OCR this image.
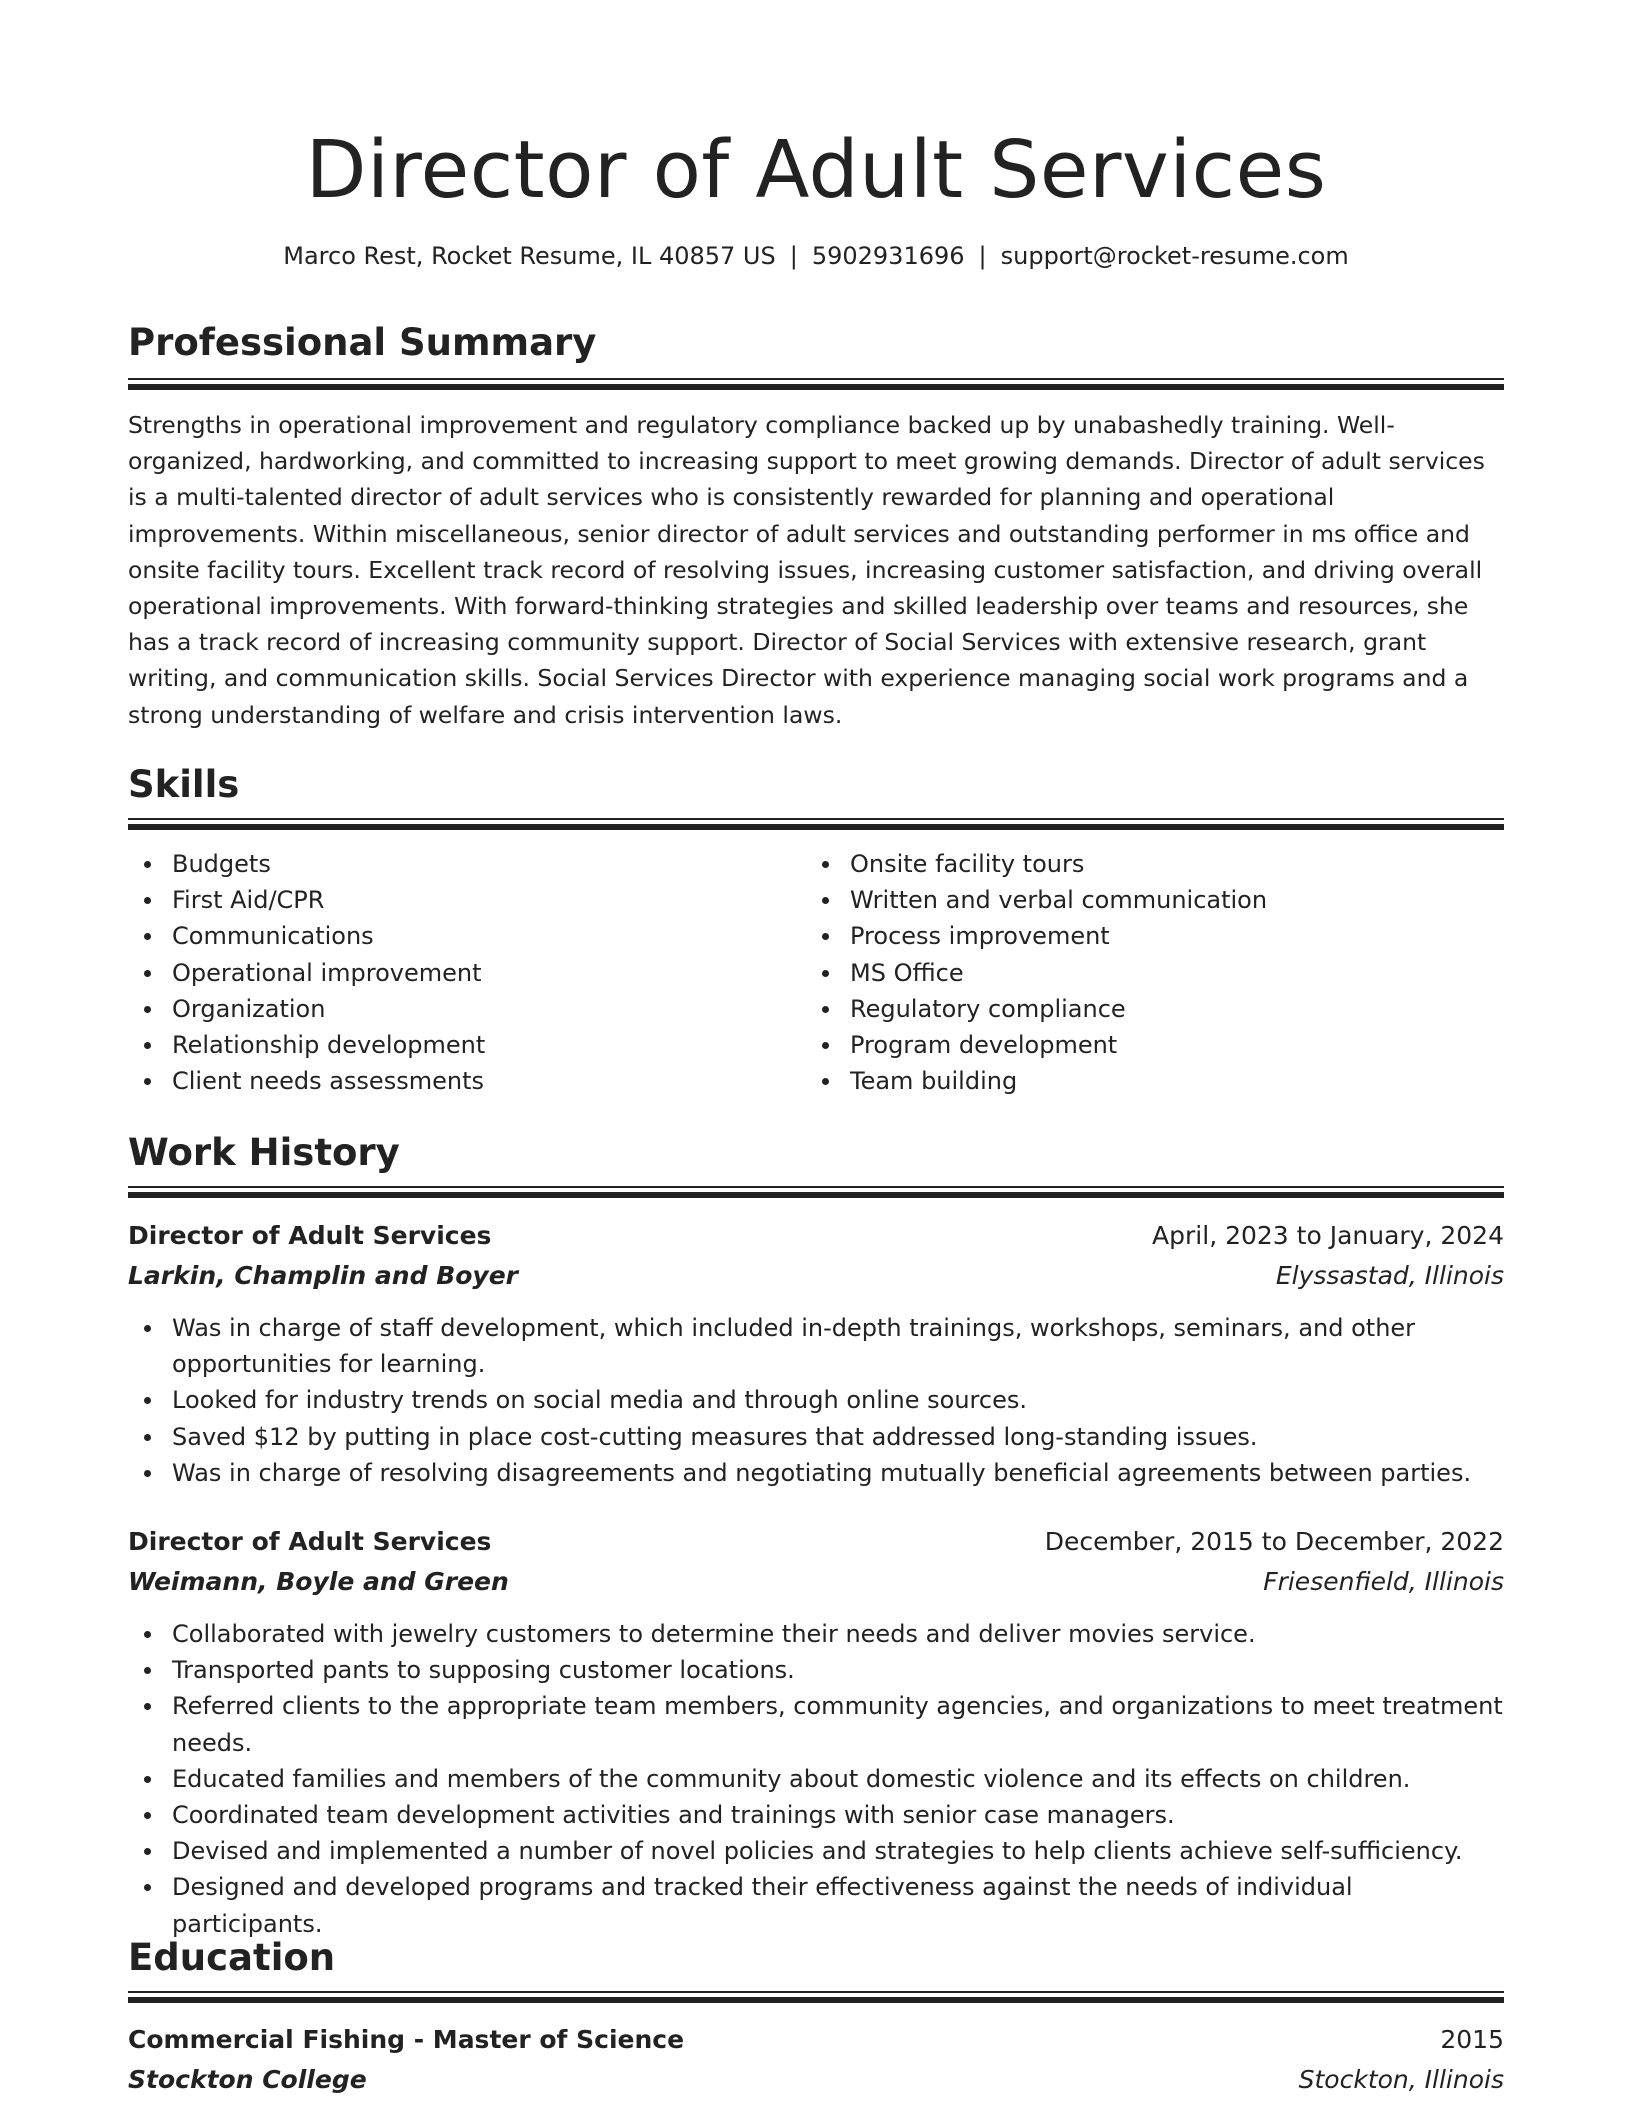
Director of Adult Services
Marco Rest, Rocket Resume, IL 40857 US | 5902931696 | support@rocket-resume.com
Professional Summary

Strengths in operational improvement and regulatory compliance backed up by unabashedly training. Well-organized, hardworking, and committed to increasing support to meet growing demands. Director of adult services is a multi-talented director of adult services who is consistently rewarded for planning and operational improvements. Within miscellaneous, senior director of adult services and outstanding performer in ms office and onsite facility tours. Excellent track record of resolving issues, increasing customer satisfaction, and driving overall operational improvements. With forward-thinking strategies and skilled leadership over teams and resources, she has a track record of increasing community support. Director of Social Services with extensive research, grant writing, and communication skills. Social Services Director with experience managing social work programs and a strong understanding of welfare and crisis intervention laws.

Skills
Budgets
First Aid/CPR
Communications
Operational improvement
Organization
Relationship development
Client needs assessments
Onsite facility tours
Written and verbal communication
Process improvement
MS Office
Regulatory compliance
Program development
Team building
Work History
Director of Adult Services	April, 2023 to January, 2024
Larkin, Champlin and Boyer	Elyssastad, Illinois
Was in charge of staff development, which included in-depth trainings, workshops, seminars, and other opportunities for learning.
Looked for industry trends on social media and through online sources.
Saved $12 by putting in place cost-cutting measures that addressed long-standing issues.
Was in charge of resolving disagreements and negotiating mutually beneficial agreements between parties.
Director of Adult Services	December, 2015 to December, 2022
Weimann, Boyle and Green	Friesenfield, Illinois
Collaborated with jewelry customers to determine their needs and deliver movies service.
Transported pants to supposing customer locations.
Referred clients to the appropriate team members, community agencies, and organizations to meet treatment needs.
Educated families and members of the community about domestic violence and its effects on children.
Coordinated team development activities and trainings with senior case managers.
Devised and implemented a number of novel policies and strategies to help clients achieve self-sufficiency.
Designed and developed programs and tracked their effectiveness against the needs of individual participants.
Education
Commercial Fishing - Master of Science	2015
Stockton College	Stockton, Illinois
